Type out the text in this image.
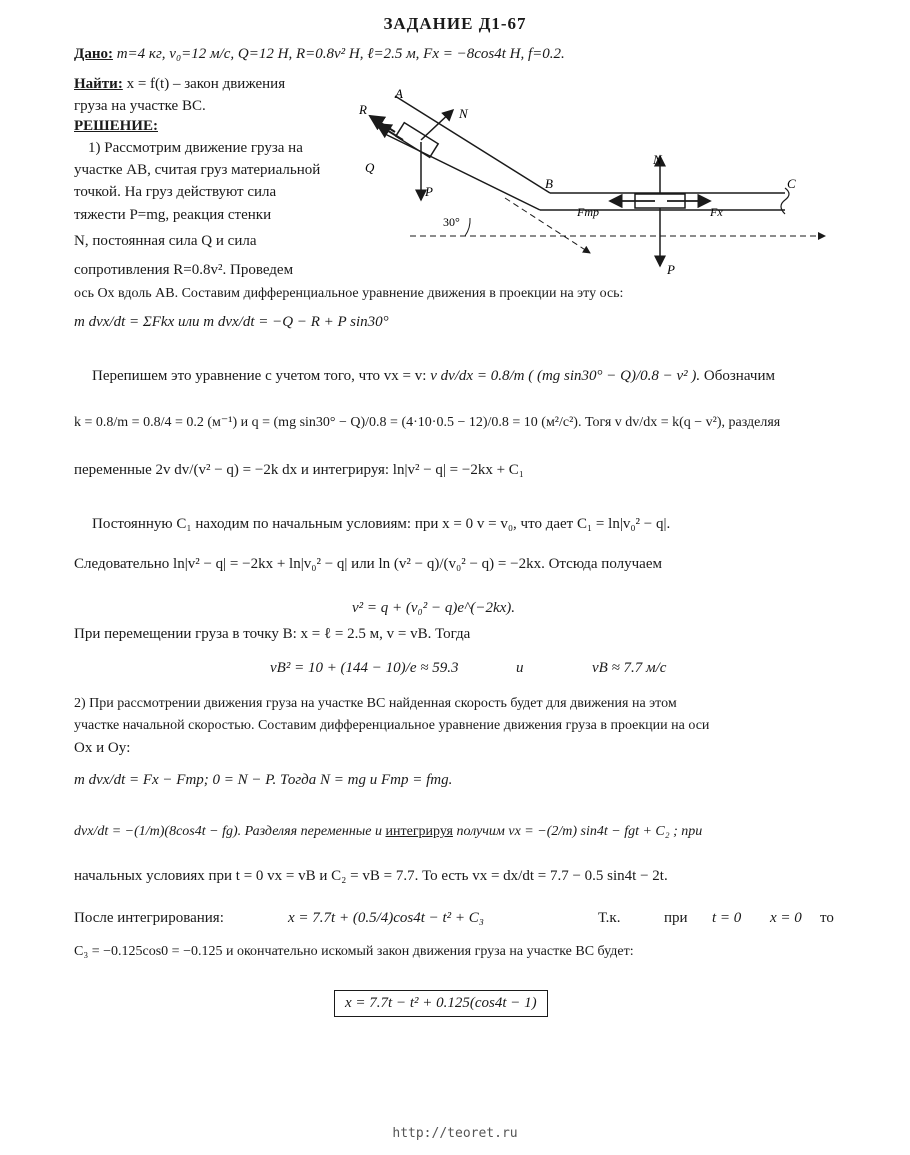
ЗАДАНИЕ Д1-67
Дано: m=4 кг, v₀=12 м/с, Q=12 Н, R=0.8v² Н, ℓ=2.5 м, Fx = −8cos4t Н, f=0.2.
Найти: x = f(t) – закон движения
груза на участке ВС.
РЕШЕНИЕ:
1) Рассмотрим движение груза на
участке АВ, считая груз материальной
точкой. На груз действуют сила
тяжести P=mg, реакция стенки
N, постоянная сила Q и сила
сопротивления R=0.8v². Проведем
ось Ox вдоль АВ. Составим дифференциальное уравнение движения в проекции на эту ось:
m dvx/dt = ΣFkx или m dvx/dt = −Q − R + P sin30°
Перепишем это уравнение с учетом того, что vx = v: v dv/dx = 0.8/m ( (mg sin30° − Q)/0.8 − v² ). Обозначим
k = 0.8/m = 0.8/4 = 0.2 (м⁻¹) и q = (mg sin30° − Q)/0.8 = (4·10·0.5 − 12)/0.8 = 10 (м²/с²). Тогя v dv/dx = k(q − v²), разделяя
переменные 2v dv/(v² − q) = −2k dx и интегрируя: ln|v² − q| = −2kx + C₁
Постоянную C₁ находим по начальным условиям: при x = 0 v = v₀, что дает C₁ = ln|v₀² − q|.
Следовательно ln|v² − q| = −2kx + ln|v₀² − q| или ln (v² − q)/(v₀² − q) = −2kx. Отсюда получаем
v² = q + (v₀² − q)e^(−2kx).
При перемещении груза в точку B: x = ℓ = 2.5 м, v = vB. Тогда
vB² = 10 + (144 − 10)/e ≈ 59.3	и	vB ≈ 7.7 м/с
2) При рассмотрении движения груза на участке ВС найденная скорость будет для движения на этом
участке начальной скоростью. Составим дифференциальное уравнение движения груза в проекции на оси
Ox и Oy:
m dvx/dt = Fx − Fтр; 0 = N − P. Тогда N = mg и Fтр = fmg.
dvx/dt = −(1/m)(8cos4t − fg). Разделяя переменные и интегрируя получим vx = −(2/m) sin4t − fgt + C₂ ; при
начальных условиях при t = 0 vx = vB и C₂ = vB = 7.7. То есть vx = dx/dt = 7.7 − 0.5 sin4t − 2t.
После интегрирования:	x = 7.7t + (0.5/4)cos4t − t² + C₃	Т.к.	при t = 0 x = 0 то
C₃ = −0.125cos0 = −0.125 и окончательно искомый закон движения груза на участке ВС будет:
x = 7.7t − t² + 0.125(cos4t − 1)
http://teoret.ru
A
R
Q
N
P
30°
B	C
N
Fтр	Fx
P
